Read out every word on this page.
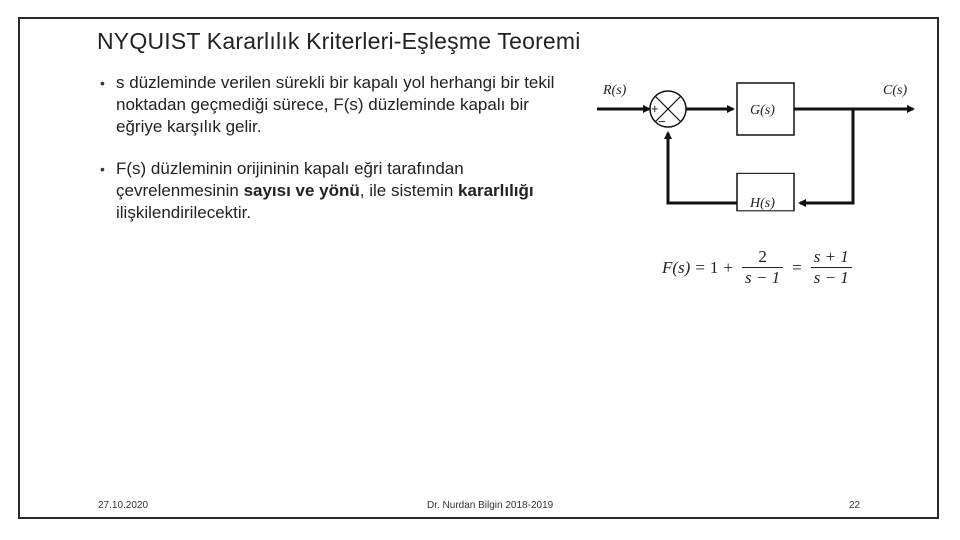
NYQUIST Kararlılık Kriterleri-Eşleşme Teoremi
• s düzleminde verilen sürekli bir kapalı yol herhangi bir tekil noktadan geçmediği sürece, F(s) düzleminde kapalı bir eğriye karşılık gelir.
• F(s) düzleminin orijininin kapalı eğri tarafından çevrelenmesinin sayısı ve yönü, ile sistemin kararlılığı ilişkilendirilecektir.
R(s)
+
−
G(s)
C(s)
H(s)
$F(s) = 1 + \frac{2}{s - 1} = \frac{s + 1}{s - 1}$
27.10.2020	Dr. Nurdan Bilgin 2018-2019	22
